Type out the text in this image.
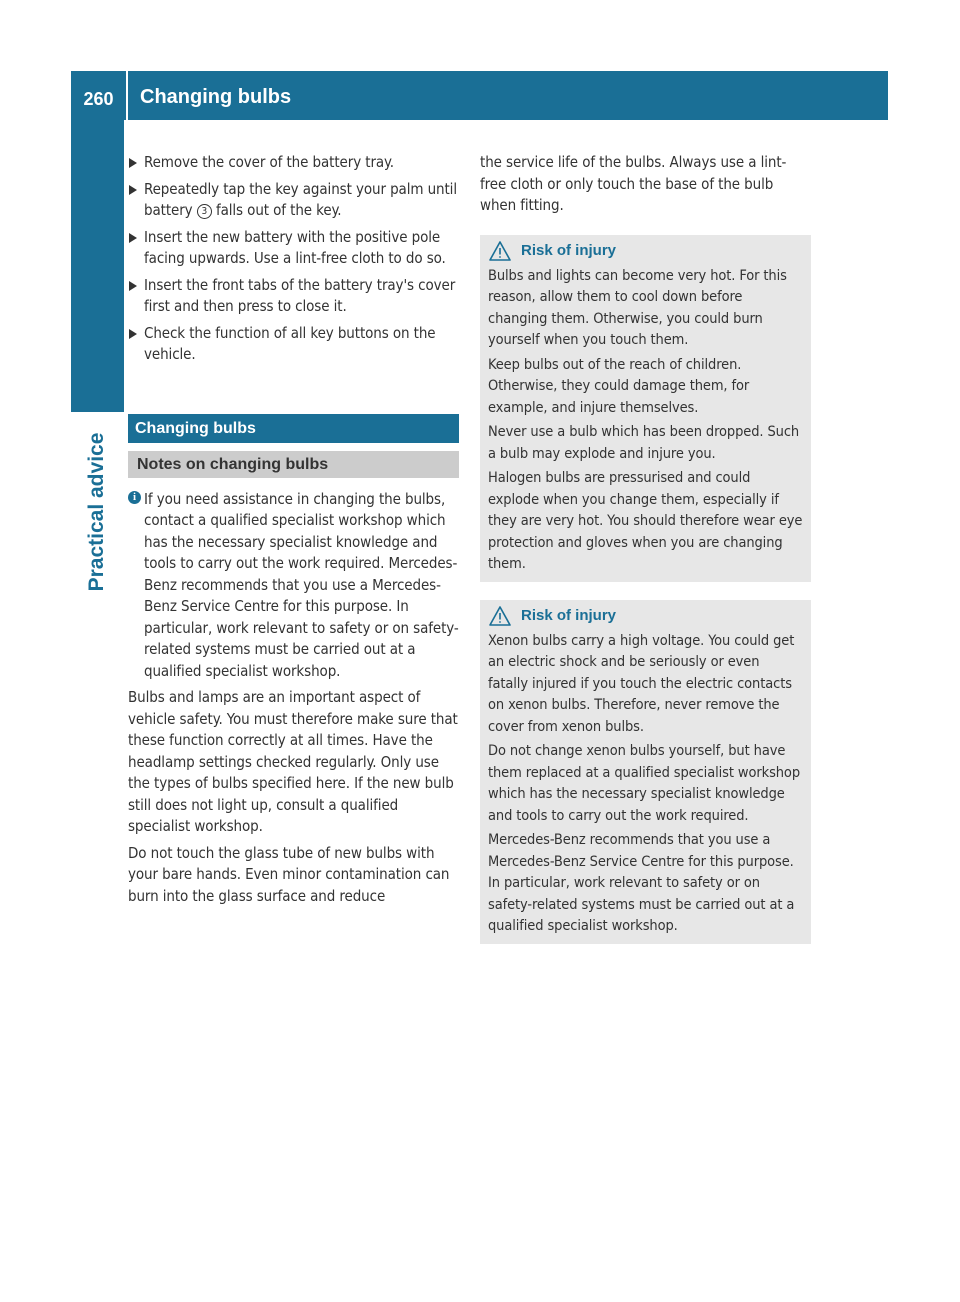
260	Changing bulbs
Practical advice
Remove the cover of the battery tray.
Repeatedly tap the key against your palm until battery 3 falls out of the key.
Insert the new battery with the positive pole facing upwards. Use a lint-free cloth to do so.
Insert the front tabs of the battery tray's cover first and then press to close it.
Check the function of all key buttons on the vehicle.
Changing bulbs
Notes on changing bulbs
i If you need assistance in changing the bulbs, contact a qualified specialist workshop which has the necessary specialist knowledge and tools to carry out the work required. Mercedes-Benz recommends that you use a Mercedes-Benz Service Centre for this purpose. In particular, work relevant to safety or on safety-related systems must be carried out at a qualified specialist workshop.

Bulbs and lamps are an important aspect of vehicle safety. You must therefore make sure that these function correctly at all times. Have the headlamp settings checked regularly. Only use the types of bulbs specified here. If the new bulb still does not light up, consult a qualified specialist workshop.

Do not touch the glass tube of new bulbs with your bare hands. Even minor contamination can burn into the glass surface and reduce

the service life of the bulbs. Always use a lint-free cloth or only touch the base of the bulb when fitting.

Risk of injury

Bulbs and lights can become very hot. For this reason, allow them to cool down before changing them. Otherwise, you could burn yourself when you touch them.

Keep bulbs out of the reach of children. Otherwise, they could damage them, for example, and injure themselves.

Never use a bulb which has been dropped. Such a bulb may explode and injure you.

Halogen bulbs are pressurised and could explode when you change them, especially if they are very hot. You should therefore wear eye protection and gloves when you are changing them.

Risk of injury

Xenon bulbs carry a high voltage. You could get an electric shock and be seriously or even fatally injured if you touch the electric contacts on xenon bulbs. Therefore, never remove the cover from xenon bulbs.

Do not change xenon bulbs yourself, but have them replaced at a qualified specialist workshop which has the necessary specialist knowledge and tools to carry out the work required.

Mercedes-Benz recommends that you use a Mercedes-Benz Service Centre for this purpose. In particular, work relevant to safety or on safety-related systems must be carried out at a qualified specialist workshop.
